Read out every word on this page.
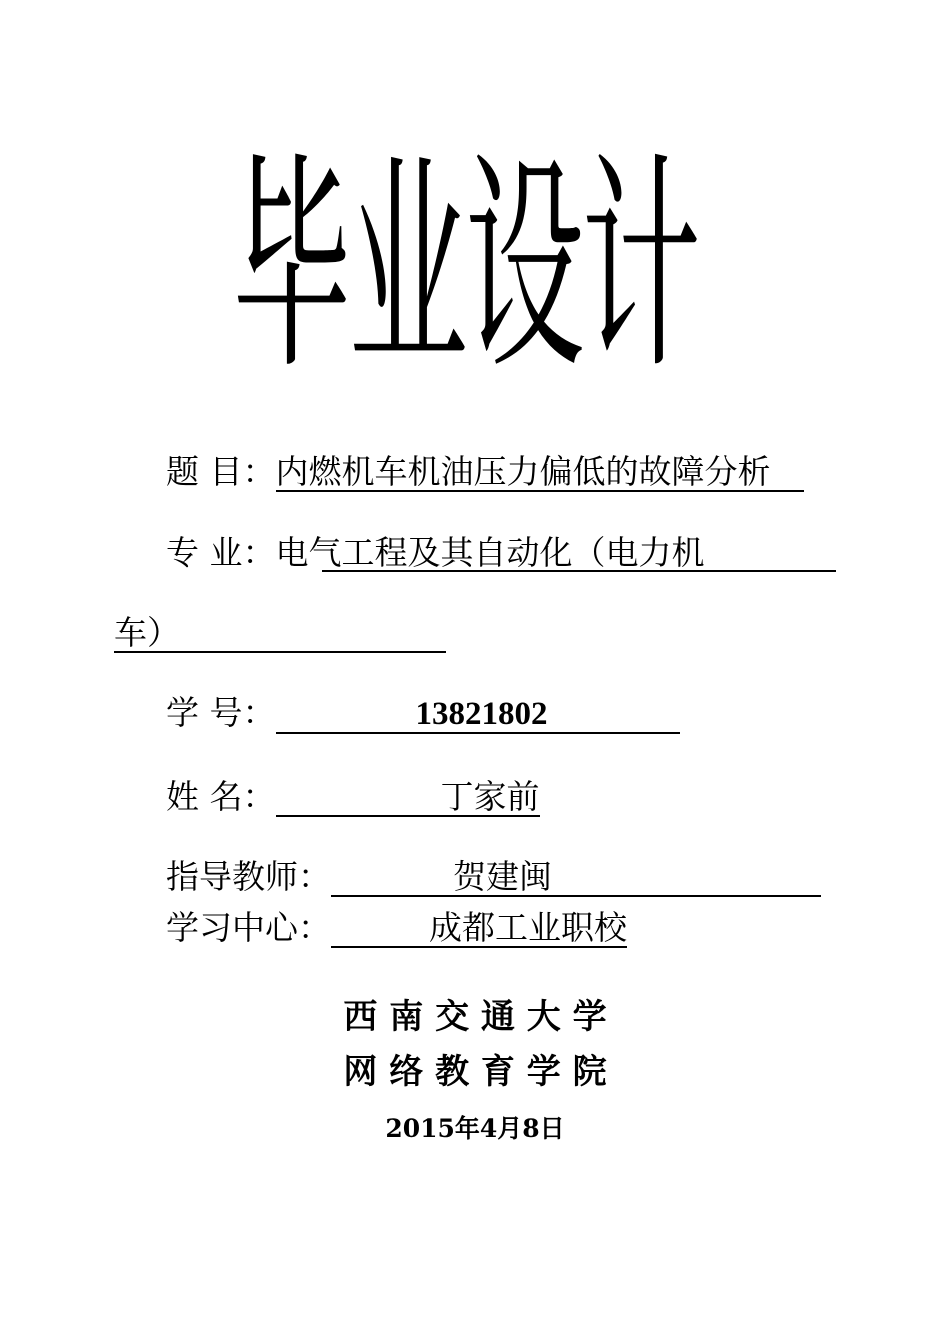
毕业设计
题 目：内燃机车机油压力偏低的故障分析
专 业：电气工程及其自动化（电力机
车）
学 号：	13821802
姓 名：	丁家前
指导教师：	贺建闽
学习中心：	成都工业职校
西 南 交 通 大 学
网 络 教 育 学 院
2015年4月8日
